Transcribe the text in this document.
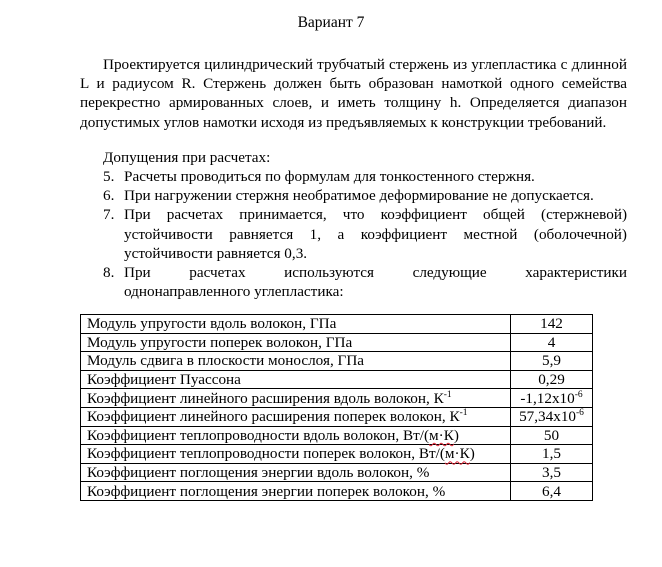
Вариант 7
Проектируется цилиндрический трубчатый стержень из углепластика с длинной L и радиусом R. Стержень должен быть образован намоткой одного семейства перекрестно армированных слоев, и иметь толщину h. Определяется диапазон допустимых углов намотки исходя из предъявляемых к конструкции требований.
Допущения при расчетах:
5. Расчеты проводиться по формулам для тонкостенного стержня.
6. При нагружении стержня необратимое деформирование не допускается.
7. При расчетах принимается, что коэффициент общей (стержневой) устойчивости равняется 1, а коэффициент местной (оболочечной) устойчивости равняется 0,3.
8. При расчетах используются следующие характеристики
однонаправленного углепластика:
Модуль упругости вдоль волокон, ГПа	142
Модуль упругости поперек волокон, ГПа	4
Модуль сдвига в плоскости монослоя, ГПа	5,9
Коэффициент Пуассона	0,29
Коэффициент линейного расширения вдоль волокон, $К^{-1}$	$-1,12x10^{-6}$
Коэффициент линейного расширения поперек волокон, $К^{-1}$	$57,34x10^{-6}$
Коэффициент теплопроводности вдоль волокон, Вт/(м·К)	50
Коэффициент теплопроводности поперек волокон, Вт/(м·К)	1,5
Коэффициент поглощения энергии вдоль волокон, %	3,5
Коэффициент поглощения энергии поперек волокон, %	6,4
